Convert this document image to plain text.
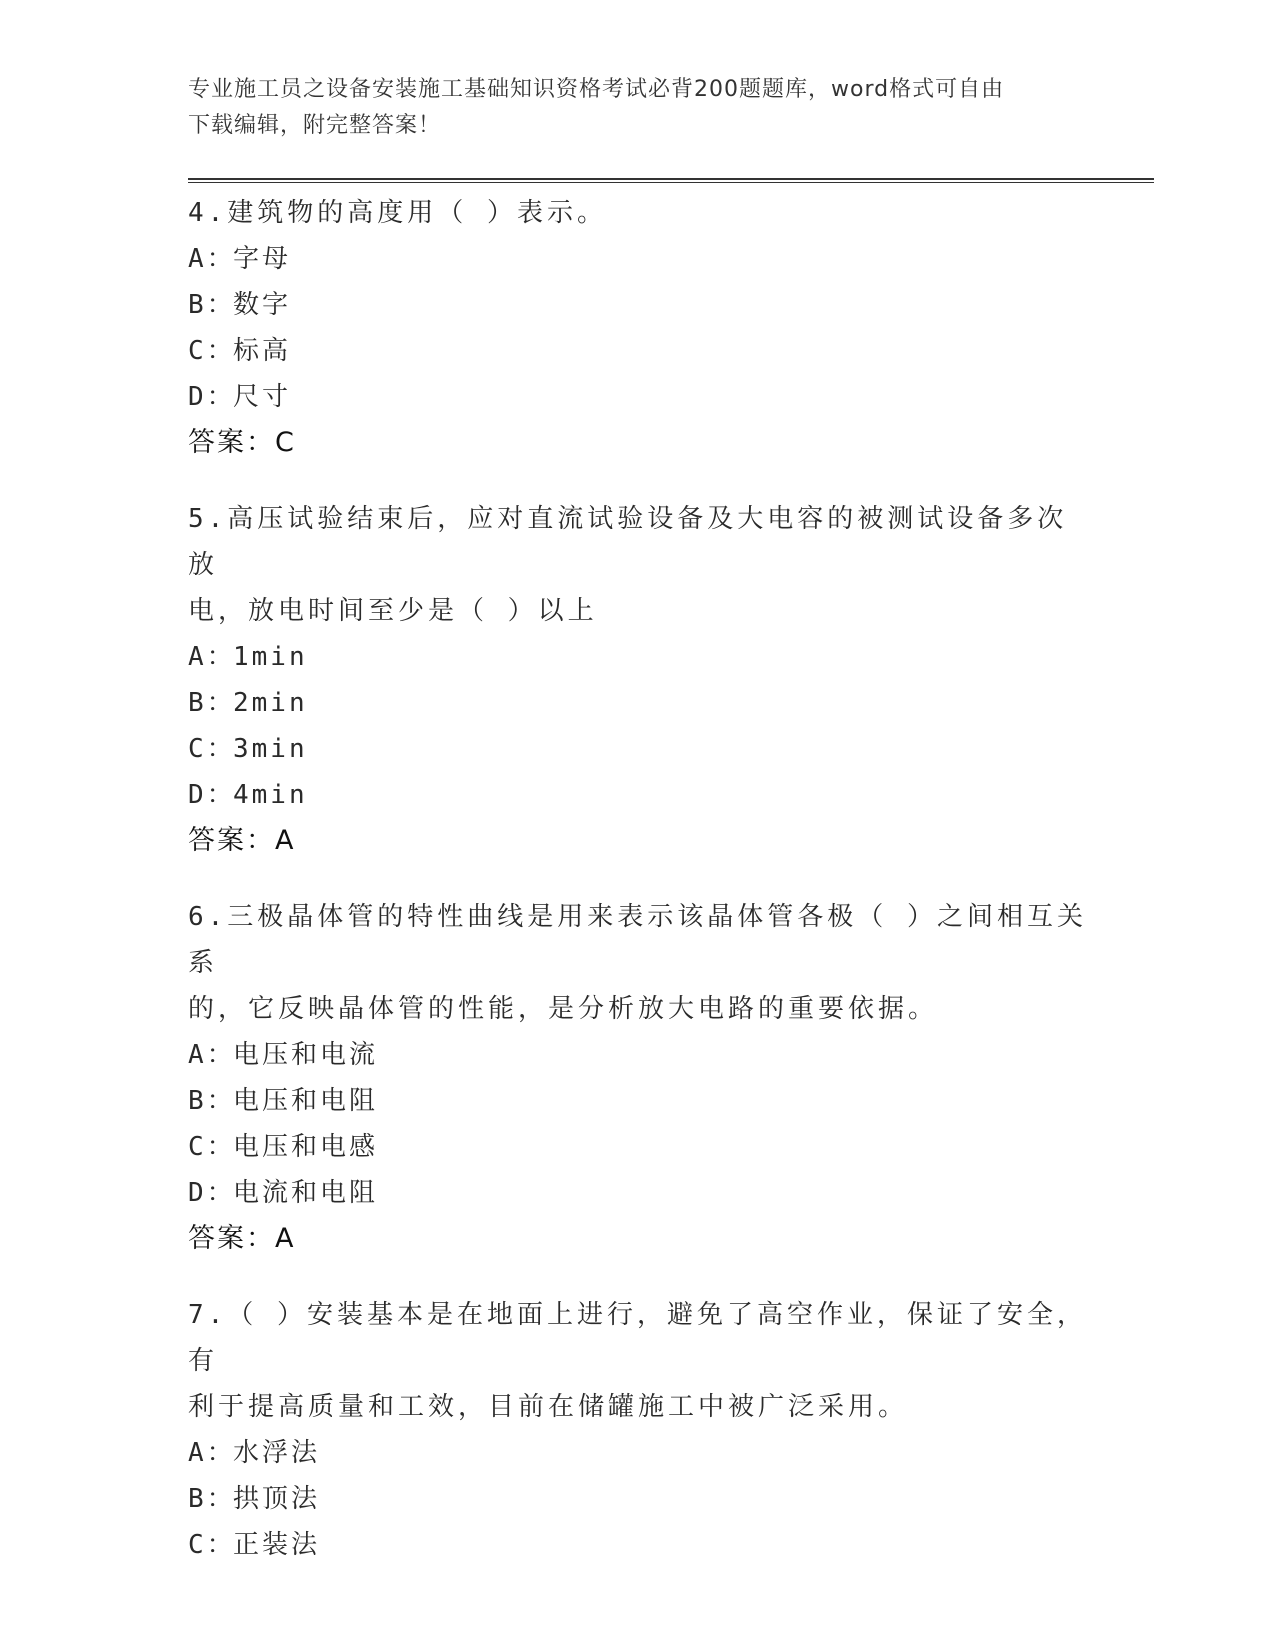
专业施工员之设备安装施工基础知识资格考试必背200题题库，word格式可自由
下载编辑，附完整答案！
4.建筑物的高度用（ ）表示。
A：
字母
B：
数字
C：
标高
D：
尺寸
答案：C
5.高压试验结束后，应对直流试验设备及大电容的被测试设备多次放
电，放电时间至少是（ ）以上
A：
1min
B：
2min
C：
3min
D：
4min
答案：A
6.三极晶体管的特性曲线是用来表示该晶体管各极（ ）之间相互关系
的，它反映晶体管的性能，是分析放大电路的重要依据。
A：
电压和电流
B：
电压和电阻
C：
电压和电感
D：
电流和电阻
答案：A
7.（ ）安装基本是在地面上进行，避免了高空作业，保证了安全，有
利于提高质量和工效，目前在储罐施工中被广泛采用。
A：
水浮法
B：
拱顶法
C：
正装法
